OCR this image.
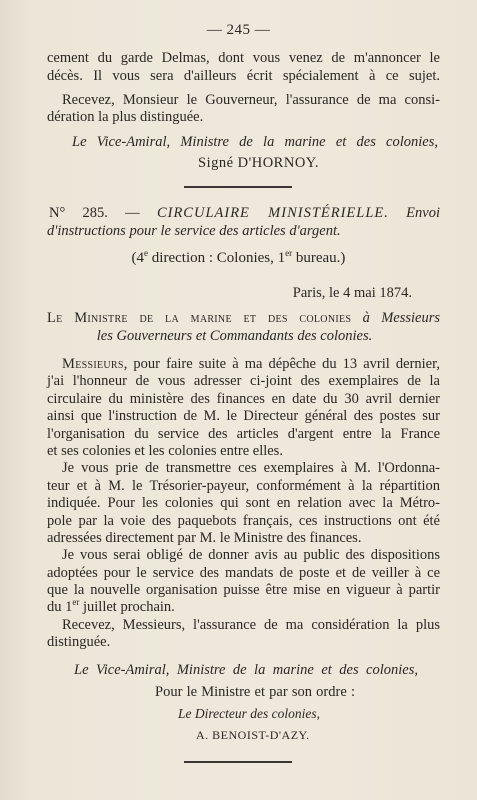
— 245 —
cement du garde Delmas, dont vous venez de m'annoncer le
décès. Il vous sera d'ailleurs écrit spécialement à ce sujet.
Recevez, Monsieur le Gouverneur, l'assurance de ma consi-
dération la plus distinguée.
Le Vice-Amiral, Ministre de la marine et des colonies,
Signé D'HORNOY.
N° 285. — CIRCULAIRE MINISTÉRIELLE. Envoi
d'instructions pour le service des articles d'argent.
(4e direction : Colonies, 1er bureau.)
Paris, le 4 mai 1874.
Le Ministre de la marine et des colonies à Messieurs
les Gouverneurs et Commandants des colonies.
Messieurs, pour faire suite à ma dépêche du 13 avril dernier,
j'ai l'honneur de vous adresser ci-joint des exemplaires de la
circulaire du ministère des finances en date du 30 avril dernier
ainsi que l'instruction de M. le Directeur général des postes sur
l'organisation du service des articles d'argent entre la France
et ses colonies et les colonies entre elles.
Je vous prie de transmettre ces exemplaires à M. l'Ordonna-
teur et à M. le Trésorier-payeur, conformément à la répartition
indiquée. Pour les colonies qui sont en relation avec la Métro-
pole par la voie des paquebots français, ces instructions ont été
adressées directement par M. le Ministre des finances.
Je vous serai obligé de donner avis au public des dispositions
adoptées pour le service des mandats de poste et de veiller à ce
que la nouvelle organisation puisse être mise en vigueur à partir
du 1er juillet prochain.
Recevez, Messieurs, l'assurance de ma considération la plus
distinguée.
Le Vice-Amiral, Ministre de la marine et des colonies,
Pour le Ministre et par son ordre :
Le Directeur des colonies,
A. BENOIST-D'AZY.
